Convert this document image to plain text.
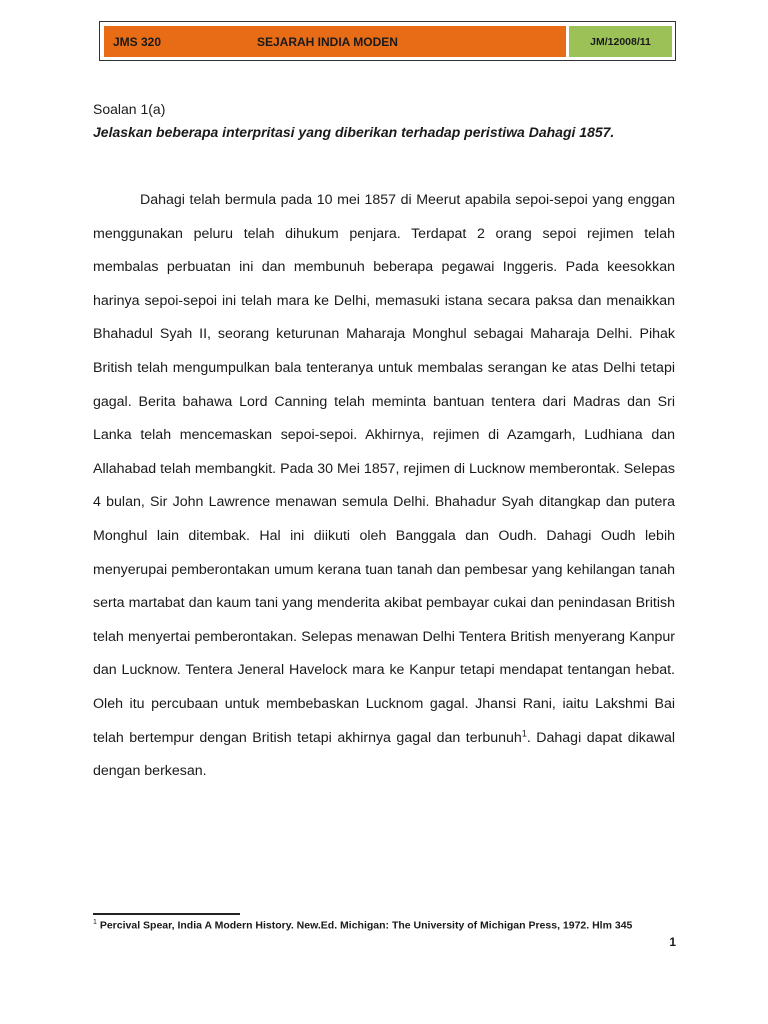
JMS 320	SEJARAH INDIA MODEN	JM/12008/11
Soalan 1(a)
Jelaskan beberapa interpritasi yang diberikan terhadap peristiwa Dahagi 1857.

Dahagi telah bermula pada 10 mei 1857 di Meerut apabila sepoi-sepoi yang enggan menggunakan peluru telah dihukum penjara. Terdapat 2 orang sepoi rejimen telah membalas perbuatan ini dan membunuh beberapa pegawai Inggeris. Pada keesokkan harinya sepoi-sepoi ini telah mara ke Delhi, memasuki istana secara paksa dan menaikkan Bhahadul Syah II, seorang keturunan Maharaja Monghul sebagai Maharaja Delhi. Pihak British telah mengumpulkan bala tenteranya untuk membalas serangan ke atas Delhi tetapi gagal. Berita bahawa Lord Canning telah meminta bantuan tentera dari Madras dan Sri Lanka telah mencemaskan sepoi-sepoi. Akhirnya, rejimen di Azamgarh, Ludhiana dan Allahabad telah membangkit. Pada 30 Mei 1857, rejimen di Lucknow memberontak. Selepas 4 bulan, Sir John Lawrence menawan semula Delhi. Bhahadur Syah ditangkap dan putera Monghul lain ditembak. Hal ini diikuti oleh Banggala dan Oudh. Dahagi Oudh lebih menyerupai pemberontakan umum kerana tuan tanah dan pembesar yang kehilangan tanah serta martabat dan kaum tani yang menderita akibat pembayar cukai dan penindasan British telah menyertai pemberontakan. Selepas menawan Delhi Tentera British menyerang Kanpur dan Lucknow. Tentera Jeneral Havelock mara ke Kanpur tetapi mendapat tentangan hebat. Oleh itu percubaan untuk membebaskan Lucknom gagal. Jhansi Rani, iaitu Lakshmi Bai telah bertempur dengan British tetapi akhirnya gagal dan terbunuh$^1$. Dahagi dapat dikawal dengan berkesan.

$^1$ Percival Spear, India A Modern History. New.Ed. Michigan: The University of Michigan Press, 1972. Hlm 345
1
